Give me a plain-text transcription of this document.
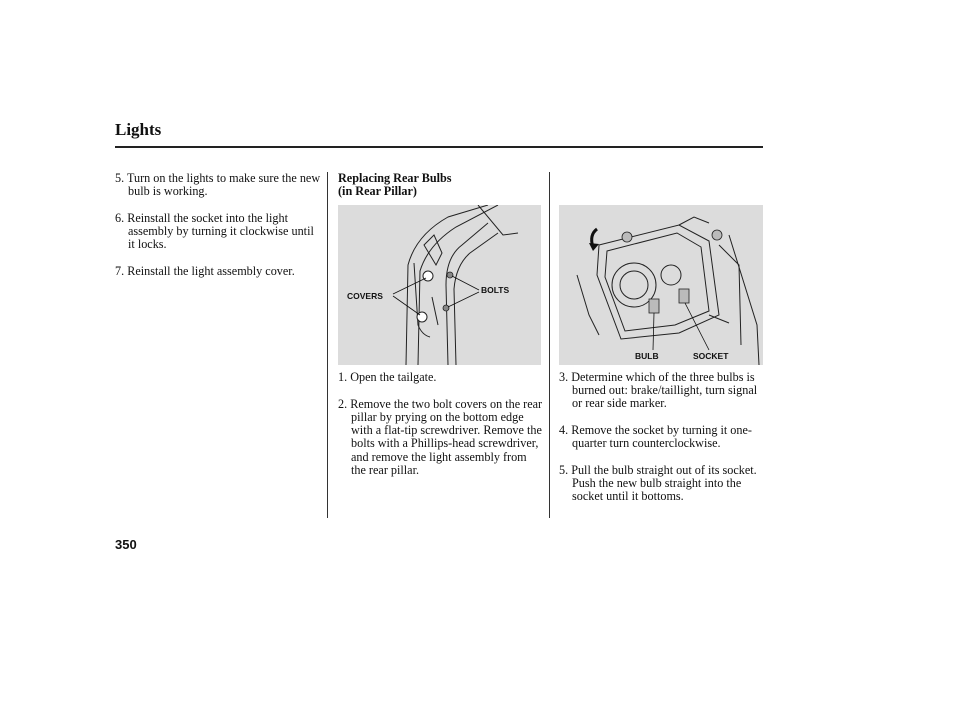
Lights
5. Turn on the lights to make sure the new bulb is working.
6. Reinstall the socket into the light assembly by turning it clockwise until it locks.
7. Reinstall the light assembly cover.
Replacing Rear Bulbs
(in Rear Pillar)
COVERS
BOLTS
1. Open the tailgate.
2. Remove the two bolt covers on the rear pillar by prying on the bottom edge with a flat-tip screwdriver. Remove the bolts with a Phillips-head screwdriver, and remove the light assembly from the rear pillar.
BULB	SOCKET
3. Determine which of the three bulbs is burned out: brake/taillight, turn signal or rear side marker.
4. Remove the socket by turning it one-quarter turn counterclockwise.
5. Pull the bulb straight out of its socket. Push the new bulb straight into the socket until it bottoms.
350
